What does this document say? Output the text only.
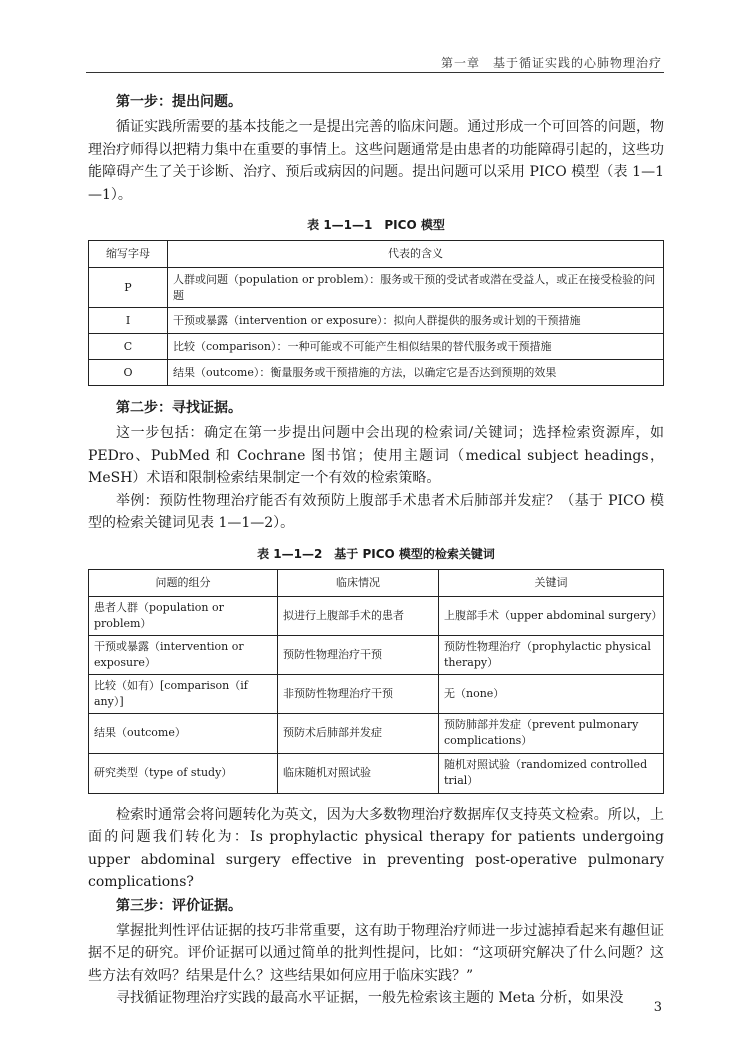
第一章　基于循证实践的心肺物理治疗
第一步：提出问题。

循证实践所需要的基本技能之一是提出完善的临床问题。通过形成一个可回答的问题，物理治疗师得以把精力集中在重要的事情上。这些问题通常是由患者的功能障碍引起的，这些功能障碍产生了关于诊断、治疗、预后或病因的问题。提出问题可以采用 PICO 模型（表 1—1—1）。

表 1—1—1　PICO 模型
缩写字母	代表的含义
P	人群或问题（population or problem）：服务或干预的受试者或潜在受益人，或正在接受检验的问题
I	干预或暴露（intervention or exposure）：拟向人群提供的服务或计划的干预措施
C	比较（comparison）：一种可能或不可能产生相似结果的替代服务或干预措施
O	结果（outcome）：衡量服务或干预措施的方法，以确定它是否达到预期的效果
第二步：寻找证据。

这一步包括：确定在第一步提出问题中会出现的检索词/关键词；选择检索资源库，如 PEDro、PubMed 和 Cochrane 图书馆；使用主题词（medical subject headings，MeSH）术语和限制检索结果制定一个有效的检索策略。

举例：预防性物理治疗能否有效预防上腹部手术患者术后肺部并发症？（基于 PICO 模型的检索关键词见表 1—1—2）。

表 1—1—2　基于 PICO 模型的检索关键词
问题的组分	临床情况	关键词
患者人群（population or problem）	拟进行上腹部手术的患者	上腹部手术（upper abdominal surgery）
干预或暴露（intervention or exposure）	预防性物理治疗干预	预防性物理治疗（prophylactic physical therapy）
比较（如有）[comparison（if any）]	非预防性物理治疗干预	无（none）
结果（outcome）	预防术后肺部并发症	预防肺部并发症（prevent pulmonary complications）
研究类型（type of study）	临床随机对照试验	随机对照试验（randomized controlled trial）

检索时通常会将问题转化为英文，因为大多数物理治疗数据库仅支持英文检索。所以，上面的问题我们转化为：Is prophylactic physical therapy for patients undergoing upper abdominal surgery effective in preventing post-operative pulmonary complications?

第三步：评价证据。

掌握批判性评估证据的技巧非常重要，这有助于物理治疗师进一步过滤掉看起来有趣但证据不足的研究。评价证据可以通过简单的批判性提问，比如：“这项研究解决了什么问题？这些方法有效吗？结果是什么？这些结果如何应用于临床实践？”

寻找循证物理治疗实践的最高水平证据，一般先检索该主题的 Meta 分析，如果没

3
